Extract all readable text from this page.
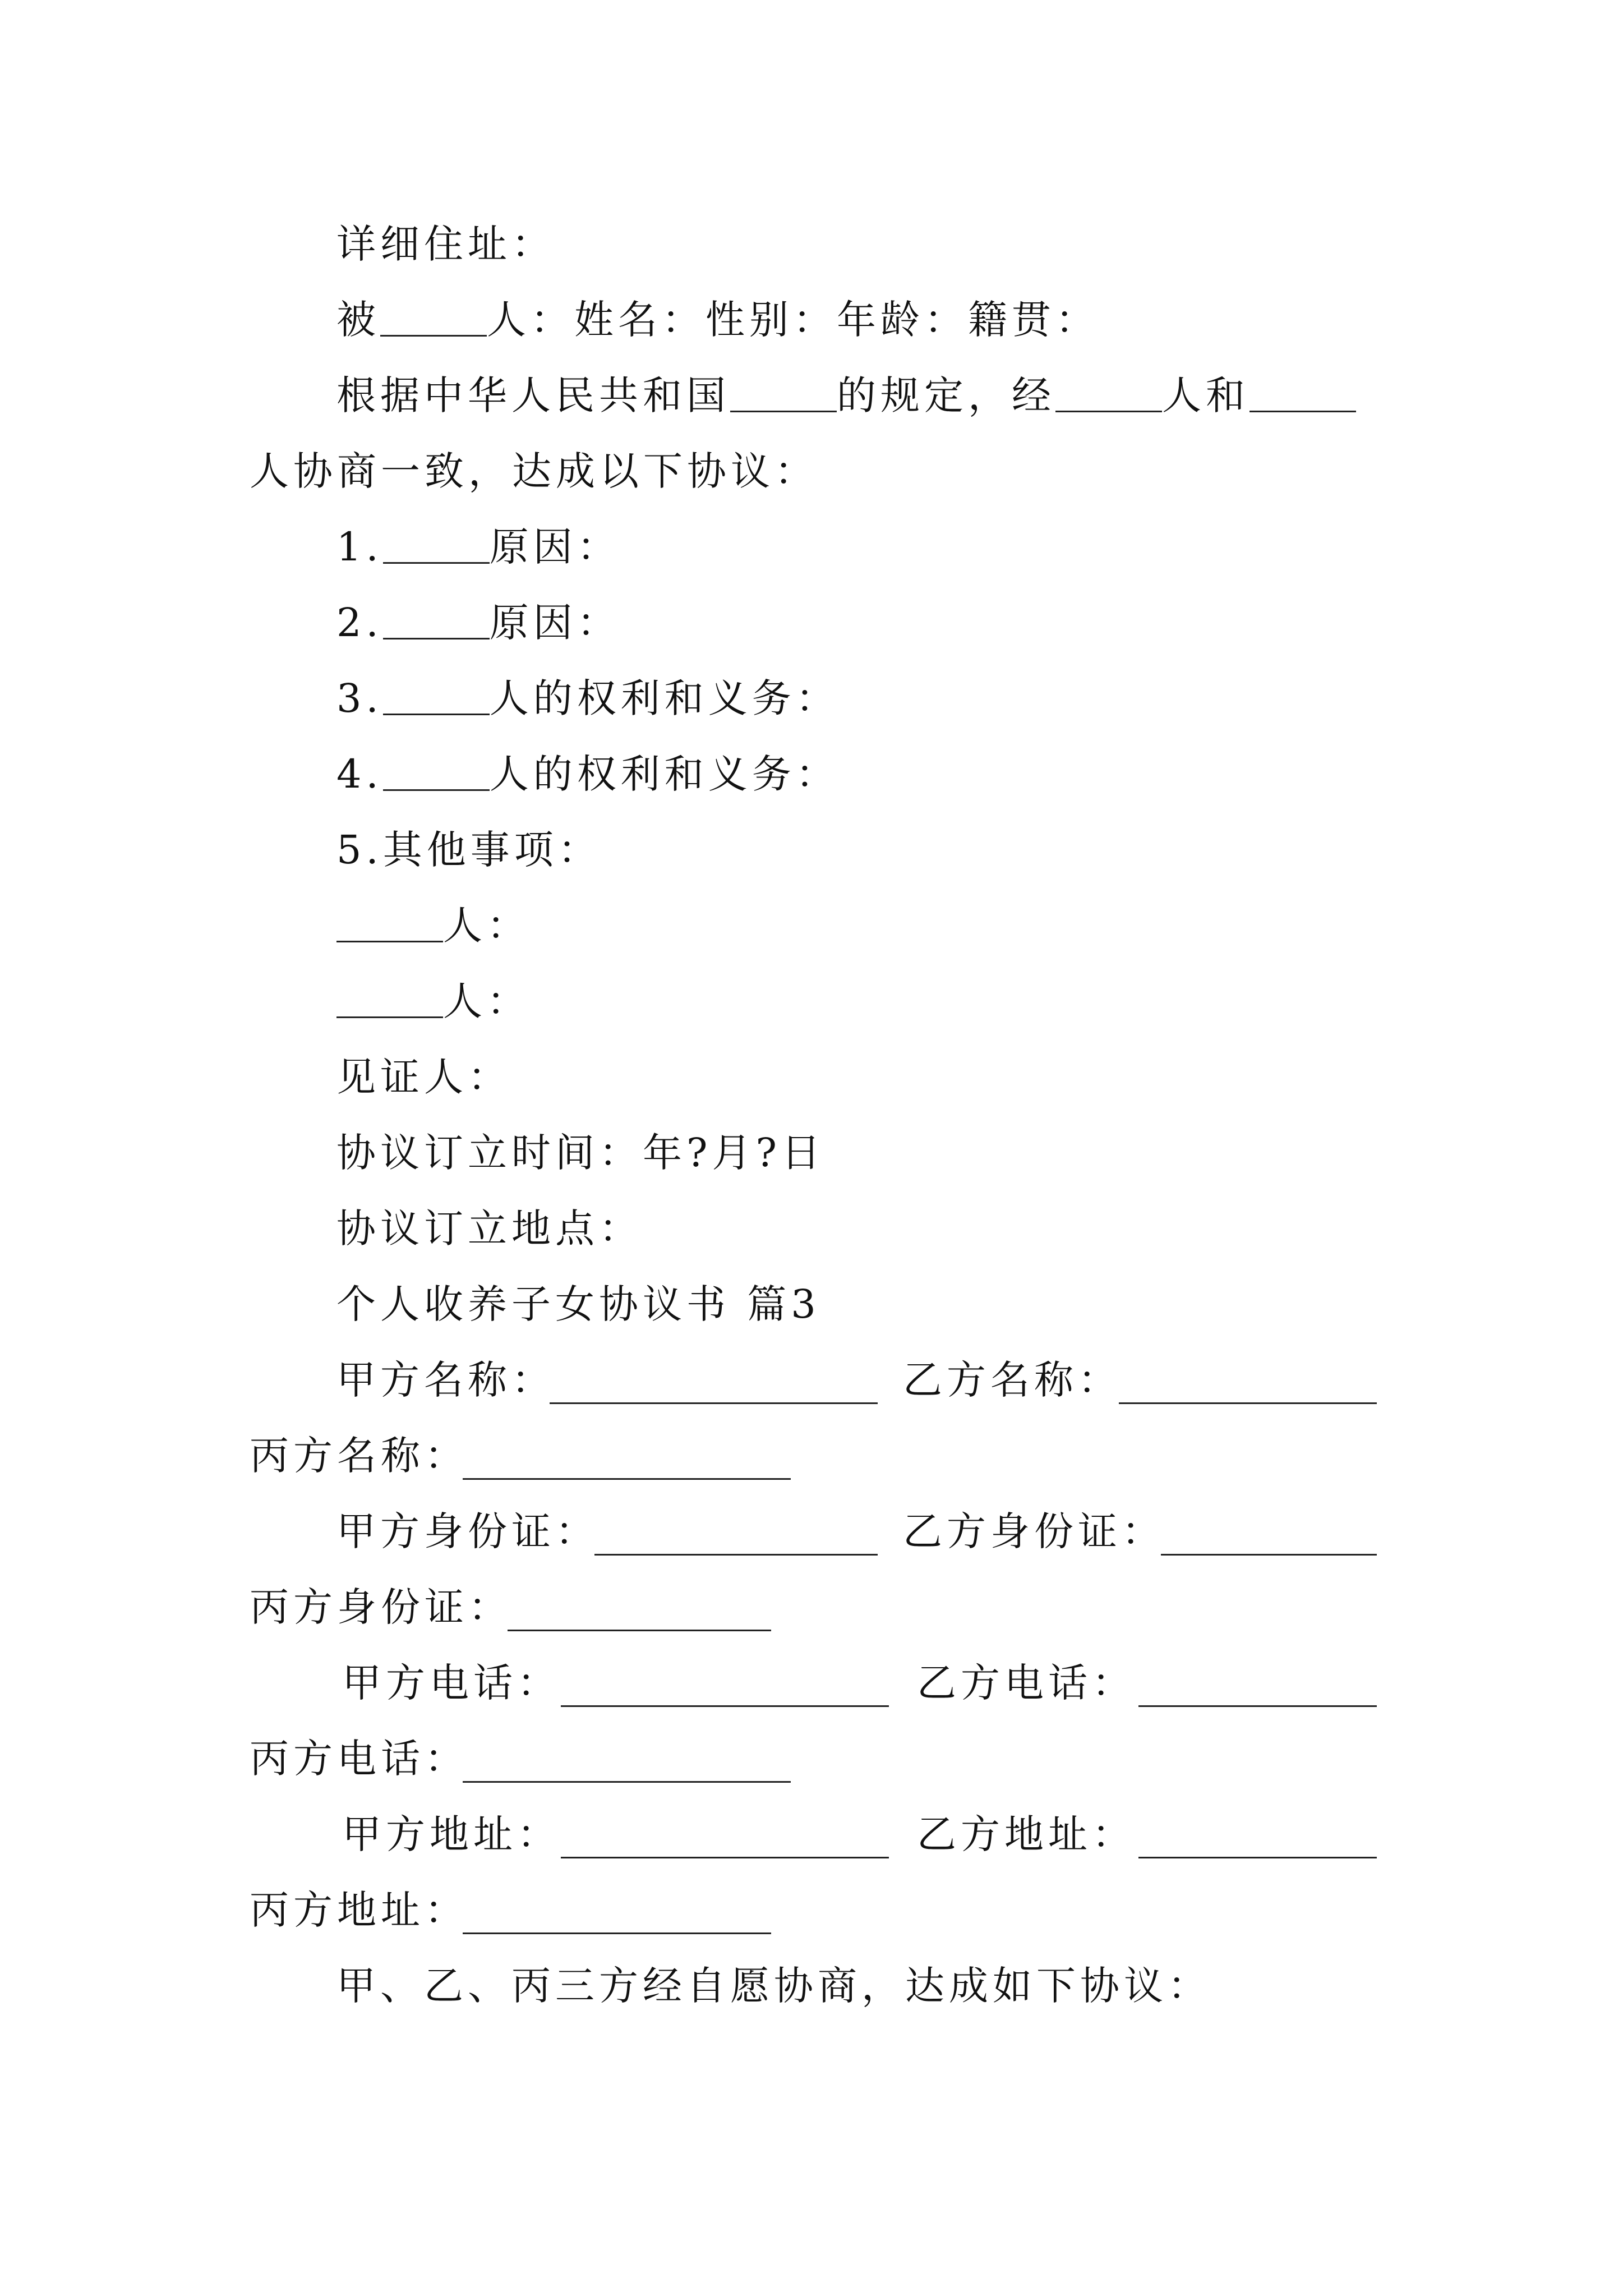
详细住址：
被	人：姓名：性别：年龄：籍贯：
根据中华人民共和国	的规定，经	人和
人协商一致，达成以下协议：
1.	原因：
2.	原因：
3.	人的权利和义务：
4.	人的权利和义务：
5.其他事项：
人：
人：
见证人：
协议订立时间：年?月?日
协议订立地点：
个人收养子女协议书 篇3
甲方名称：	乙方名称：
丙方名称：
甲方身份证：	乙方身份证：
丙方身份证：
甲方电话：	乙方电话：
丙方电话：
甲方地址：	乙方地址：
丙方地址：
甲、乙、丙三方经自愿协商，达成如下协议：
